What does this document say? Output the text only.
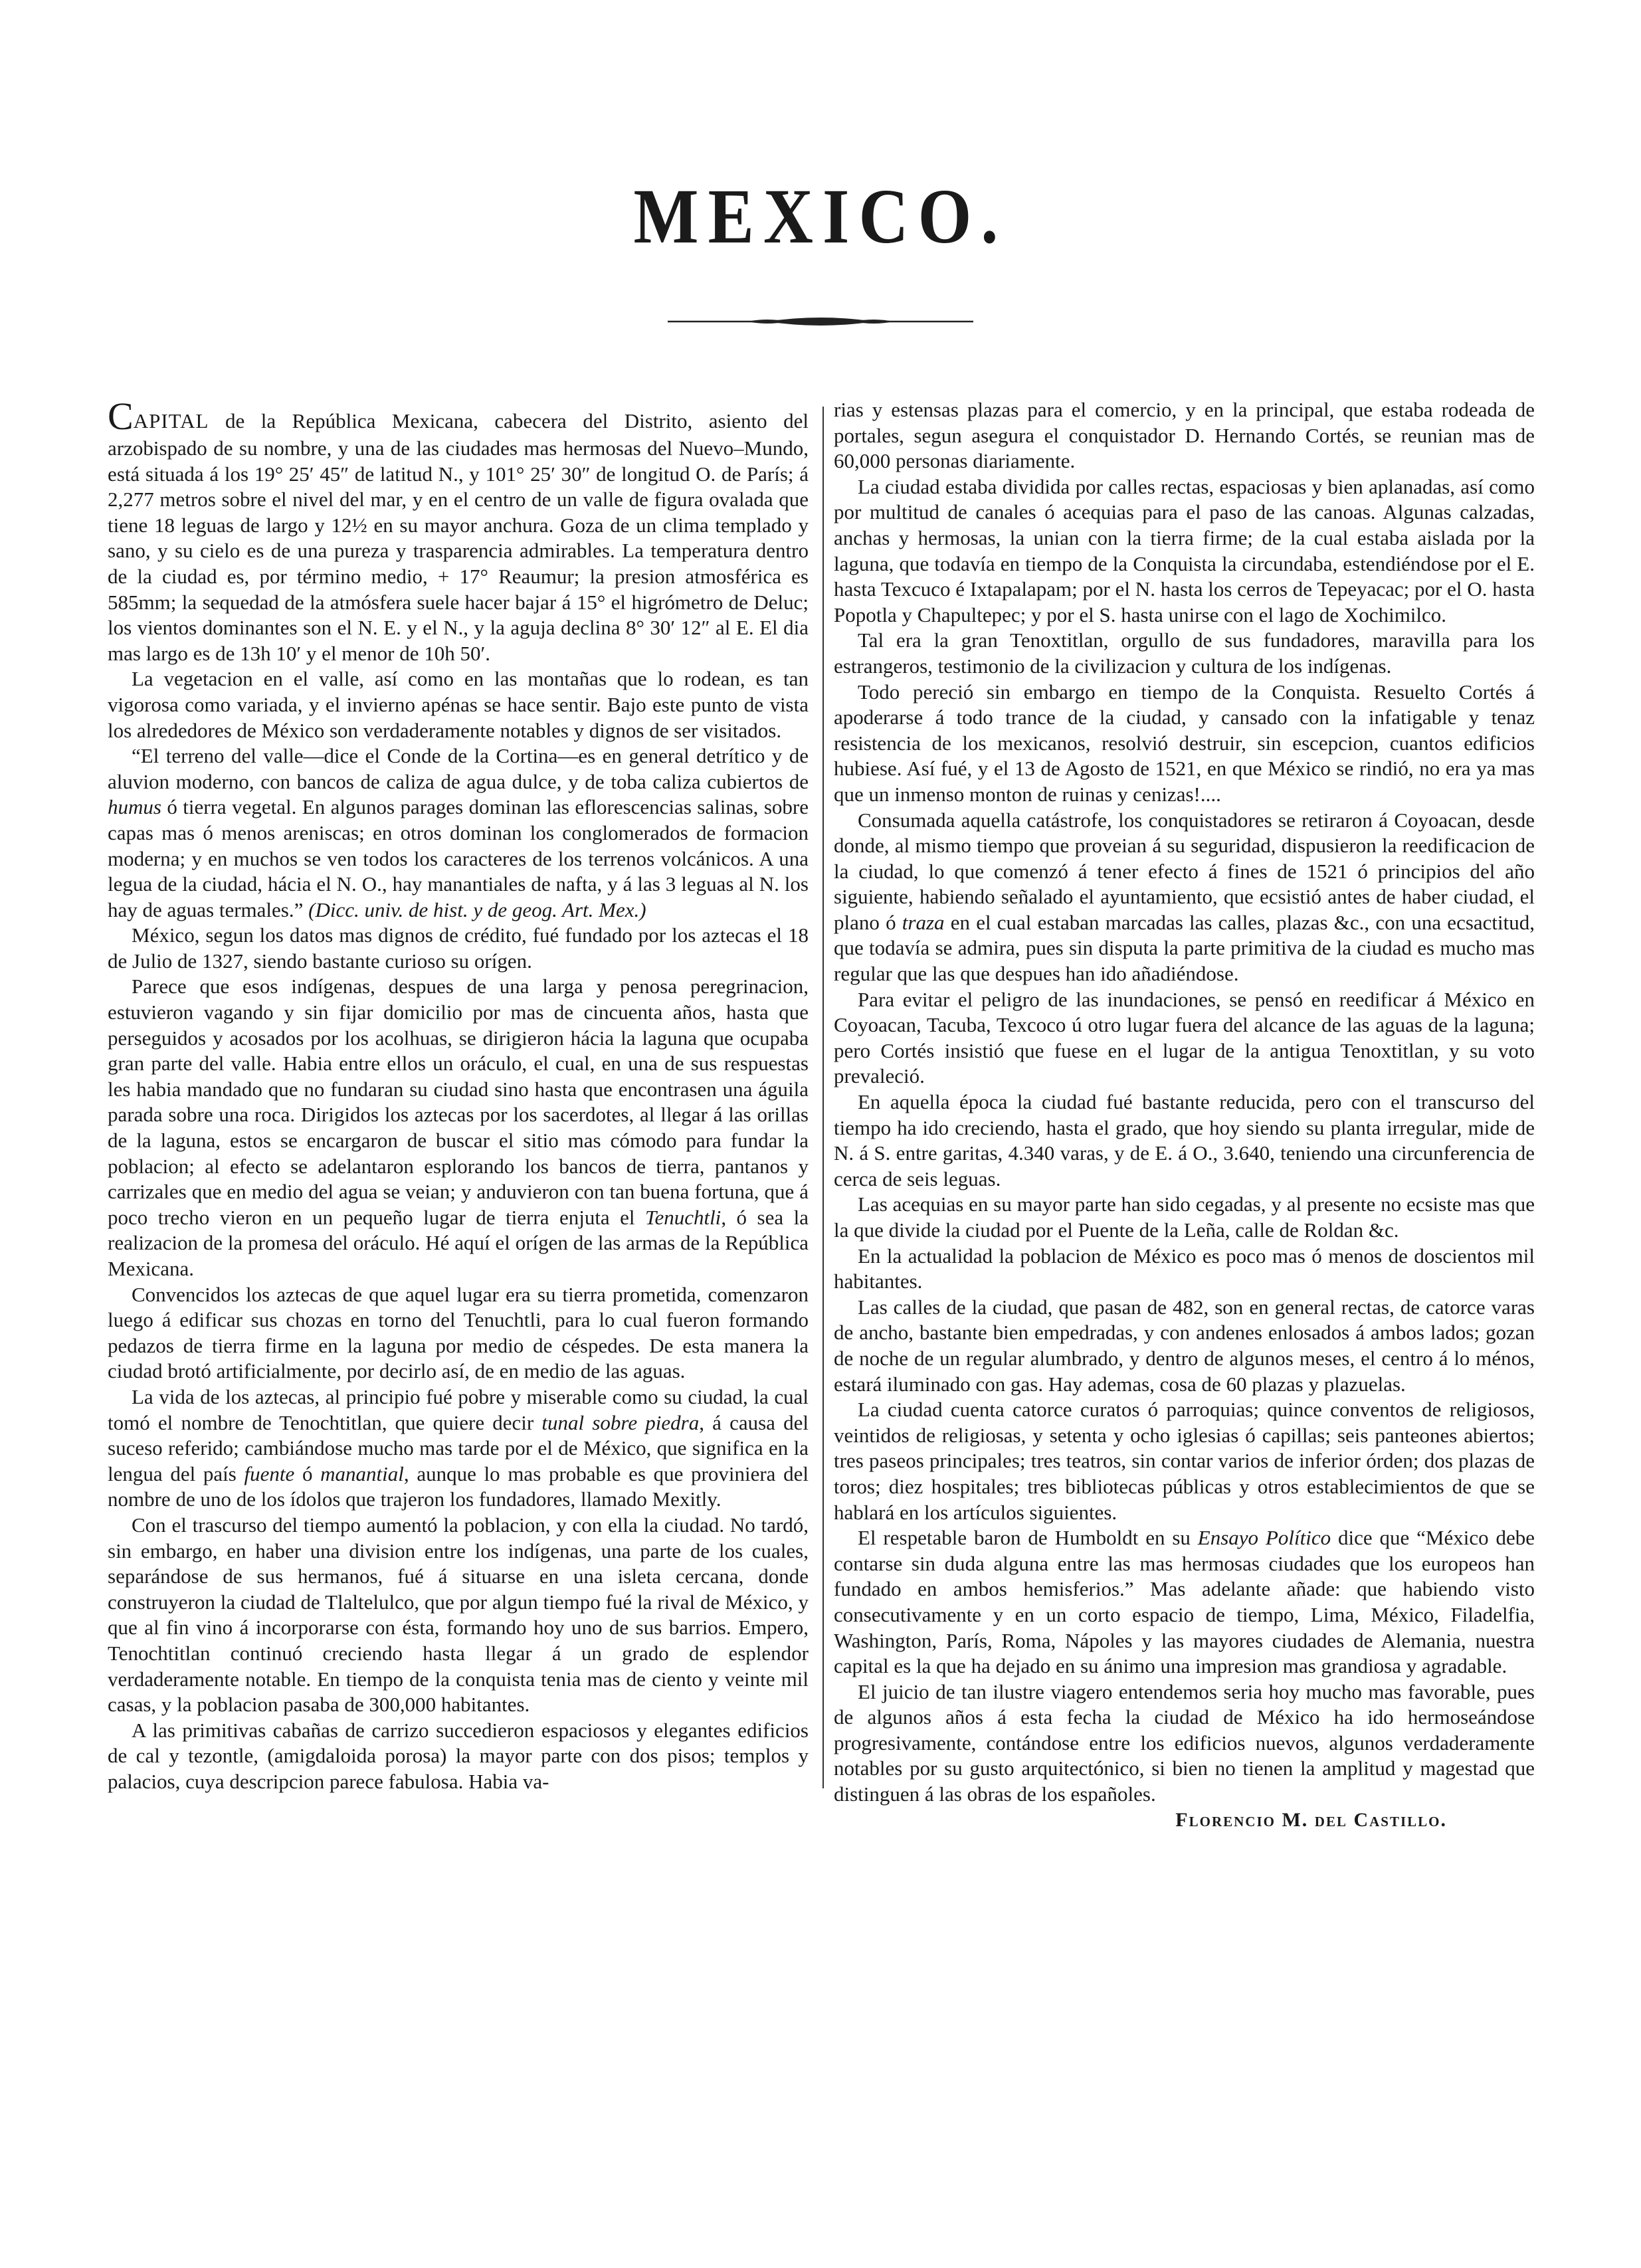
MEXICO.

CAPITAL de la República Mexicana, cabecera del Distrito, asiento del arzobispado de su nombre, y una de las ciudades mas hermosas del Nuevo–Mundo, está situada á los 19° 25′ 45″ de latitud N., y 101° 25′ 30″ de longitud O. de París; á 2,277 metros sobre el nivel del mar, y en el centro de un valle de figura ovalada que tiene 18 leguas de largo y 12½ en su mayor anchura. Goza de un clima templado y sano, y su cielo es de una pureza y trasparencia admirables. La temperatura dentro de la ciudad es, por término medio, + 17° Reaumur; la presion atmosférica es 585mm; la sequedad de la atmósfera suele hacer bajar á 15° el higrómetro de Deluc; los vientos dominantes son el N. E. y el N., y la aguja declina 8° 30′ 12″ al E. El dia mas largo es de 13h 10′ y el menor de 10h 50′.

La vegetacion en el valle, así como en las montañas que lo rodean, es tan vigorosa como variada, y el invierno apénas se hace sentir. Bajo este punto de vista los alrededores de México son verdaderamente notables y dignos de ser visitados.

“El terreno del valle—dice el Conde de la Cortina—es en general detrítico y de aluvion moderno, con bancos de caliza de agua dulce, y de toba caliza cubiertos de humus ó tierra vegetal. En algunos parages dominan las eflorescencias salinas, sobre capas mas ó menos areniscas; en otros dominan los conglomerados de formacion moderna; y en muchos se ven todos los caracteres de los terrenos volcánicos. A una legua de la ciudad, hácia el N. O., hay manantiales de nafta, y á las 3 leguas al N. los hay de aguas termales.” (Dicc. univ. de hist. y de geog. Art. Mex.)

México, segun los datos mas dignos de crédito, fué fundado por los aztecas el 18 de Julio de 1327, siendo bastante curioso su orígen.

Parece que esos indígenas, despues de una larga y penosa peregrinacion, estuvieron vagando y sin fijar domicilio por mas de cincuenta años, hasta que perseguidos y acosados por los acolhuas, se dirigieron hácia la laguna que ocupaba gran parte del valle. Habia entre ellos un oráculo, el cual, en una de sus respuestas les habia mandado que no fundaran su ciudad sino hasta que encontrasen una águila parada sobre una roca. Dirigidos los aztecas por los sacerdotes, al llegar á las orillas de la laguna, estos se encargaron de buscar el sitio mas cómodo para fundar la poblacion; al efecto se adelantaron esplorando los bancos de tierra, pantanos y carrizales que en medio del agua se veian; y anduvieron con tan buena fortuna, que á poco trecho vieron en un pequeño lugar de tierra enjuta el Tenuchtli, ó sea la realizacion de la promesa del oráculo. Hé aquí el orígen de las armas de la República Mexicana.

Convencidos los aztecas de que aquel lugar era su tierra prometida, comenzaron luego á edificar sus chozas en torno del Tenuchtli, para lo cual fueron formando pedazos de tierra firme en la laguna por medio de céspedes. De esta manera la ciudad brotó artificialmente, por decirlo así, de en medio de las aguas.

La vida de los aztecas, al principio fué pobre y miserable como su ciudad, la cual tomó el nombre de Tenochtitlan, que quiere decir tunal sobre piedra, á causa del suceso referido; cambiándose mucho mas tarde por el de México, que significa en la lengua del país fuente ó manantial, aunque lo mas probable es que proviniera del nombre de uno de los ídolos que trajeron los fundadores, llamado Mexitly.

Con el trascurso del tiempo aumentó la poblacion, y con ella la ciudad. No tardó, sin embargo, en haber una division entre los indígenas, una parte de los cuales, separándose de sus hermanos, fué á situarse en una isleta cercana, donde construyeron la ciudad de Tlaltelulco, que por algun tiempo fué la rival de México, y que al fin vino á incorporarse con ésta, formando hoy uno de sus barrios. Empero, Tenochtitlan continuó creciendo hasta llegar á un grado de esplendor verdaderamente notable. En tiempo de la conquista tenia mas de ciento y veinte mil casas, y la poblacion pasaba de 300,000 habitantes.

A las primitivas cabañas de carrizo succedieron espaciosos y elegantes edificios de cal y tezontle, (amigdaloida porosa) la mayor parte con dos pisos; templos y palacios, cuya descripcion parece fabulosa. Habia va-

rias y estensas plazas para el comercio, y en la principal, que estaba rodeada de portales, segun asegura el conquistador D. Hernando Cortés, se reunian mas de 60,000 personas diariamente.

La ciudad estaba dividida por calles rectas, espaciosas y bien aplanadas, así como por multitud de canales ó acequias para el paso de las canoas. Algunas calzadas, anchas y hermosas, la unian con la tierra firme; de la cual estaba aislada por la laguna, que todavía en tiempo de la Conquista la circundaba, estendiéndose por el E. hasta Texcuco é Ixtapalapam; por el N. hasta los cerros de Tepeyacac; por el O. hasta Popotla y Chapultepec; y por el S. hasta unirse con el lago de Xochimilco.

Tal era la gran Tenoxtitlan, orgullo de sus fundadores, maravilla para los estrangeros, testimonio de la civilizacion y cultura de los indígenas.

Todo pereció sin embargo en tiempo de la Conquista. Resuelto Cortés á apoderarse á todo trance de la ciudad, y cansado con la infatigable y tenaz resistencia de los mexicanos, resolvió destruir, sin escepcion, cuantos edificios hubiese. Así fué, y el 13 de Agosto de 1521, en que México se rindió, no era ya mas que un inmenso monton de ruinas y cenizas!....

Consumada aquella catástrofe, los conquistadores se retiraron á Coyoacan, desde donde, al mismo tiempo que proveian á su seguridad, dispusieron la reedificacion de la ciudad, lo que comenzó á tener efecto á fines de 1521 ó principios del año siguiente, habiendo señalado el ayuntamiento, que ecsistió antes de haber ciudad, el plano ó traza en el cual estaban marcadas las calles, plazas &c., con una ecsactitud, que todavía se admira, pues sin disputa la parte primitiva de la ciudad es mucho mas regular que las que despues han ido añadiéndose.

Para evitar el peligro de las inundaciones, se pensó en reedificar á México en Coyoacan, Tacuba, Texcoco ú otro lugar fuera del alcance de las aguas de la laguna; pero Cortés insistió que fuese en el lugar de la antigua Tenoxtitlan, y su voto prevaleció.

En aquella época la ciudad fué bastante reducida, pero con el transcurso del tiempo ha ido creciendo, hasta el grado, que hoy siendo su planta irregular, mide de N. á S. entre garitas, 4.340 varas, y de E. á O., 3.640, teniendo una circunferencia de cerca de seis leguas.

Las acequias en su mayor parte han sido cegadas, y al presente no ecsiste mas que la que divide la ciudad por el Puente de la Leña, calle de Roldan &c.

En la actualidad la poblacion de México es poco mas ó menos de doscientos mil habitantes.

Las calles de la ciudad, que pasan de 482, son en general rectas, de catorce varas de ancho, bastante bien empedradas, y con andenes enlosados á ambos lados; gozan de noche de un regular alumbrado, y dentro de algunos meses, el centro á lo ménos, estará iluminado con gas. Hay ademas, cosa de 60 plazas y plazuelas.

La ciudad cuenta catorce curatos ó parroquias; quince conventos de religiosos, veintidos de religiosas, y setenta y ocho iglesias ó capillas; seis panteones abiertos; tres paseos principales; tres teatros, sin contar varios de inferior órden; dos plazas de toros; diez hospitales; tres bibliotecas públicas y otros establecimientos de que se hablará en los artículos siguientes.

El respetable baron de Humboldt en su Ensayo Político dice que “México debe contarse sin duda alguna entre las mas hermosas ciudades que los europeos han fundado en ambos hemisferios.” Mas adelante añade: que habiendo visto consecutivamente y en un corto espacio de tiempo, Lima, México, Filadelfia, Washington, París, Roma, Nápoles y las mayores ciudades de Alemania, nuestra capital es la que ha dejado en su ánimo una impresion mas grandiosa y agradable.

El juicio de tan ilustre viagero entendemos seria hoy mucho mas favorable, pues de algunos años á esta fecha la ciudad de México ha ido hermoseándose progresivamente, contándose entre los edificios nuevos, algunos verdaderamente notables por su gusto arquitectónico, si bien no tienen la amplitud y magestad que distinguen á las obras de los españoles.

Florencio M. del Castillo.
